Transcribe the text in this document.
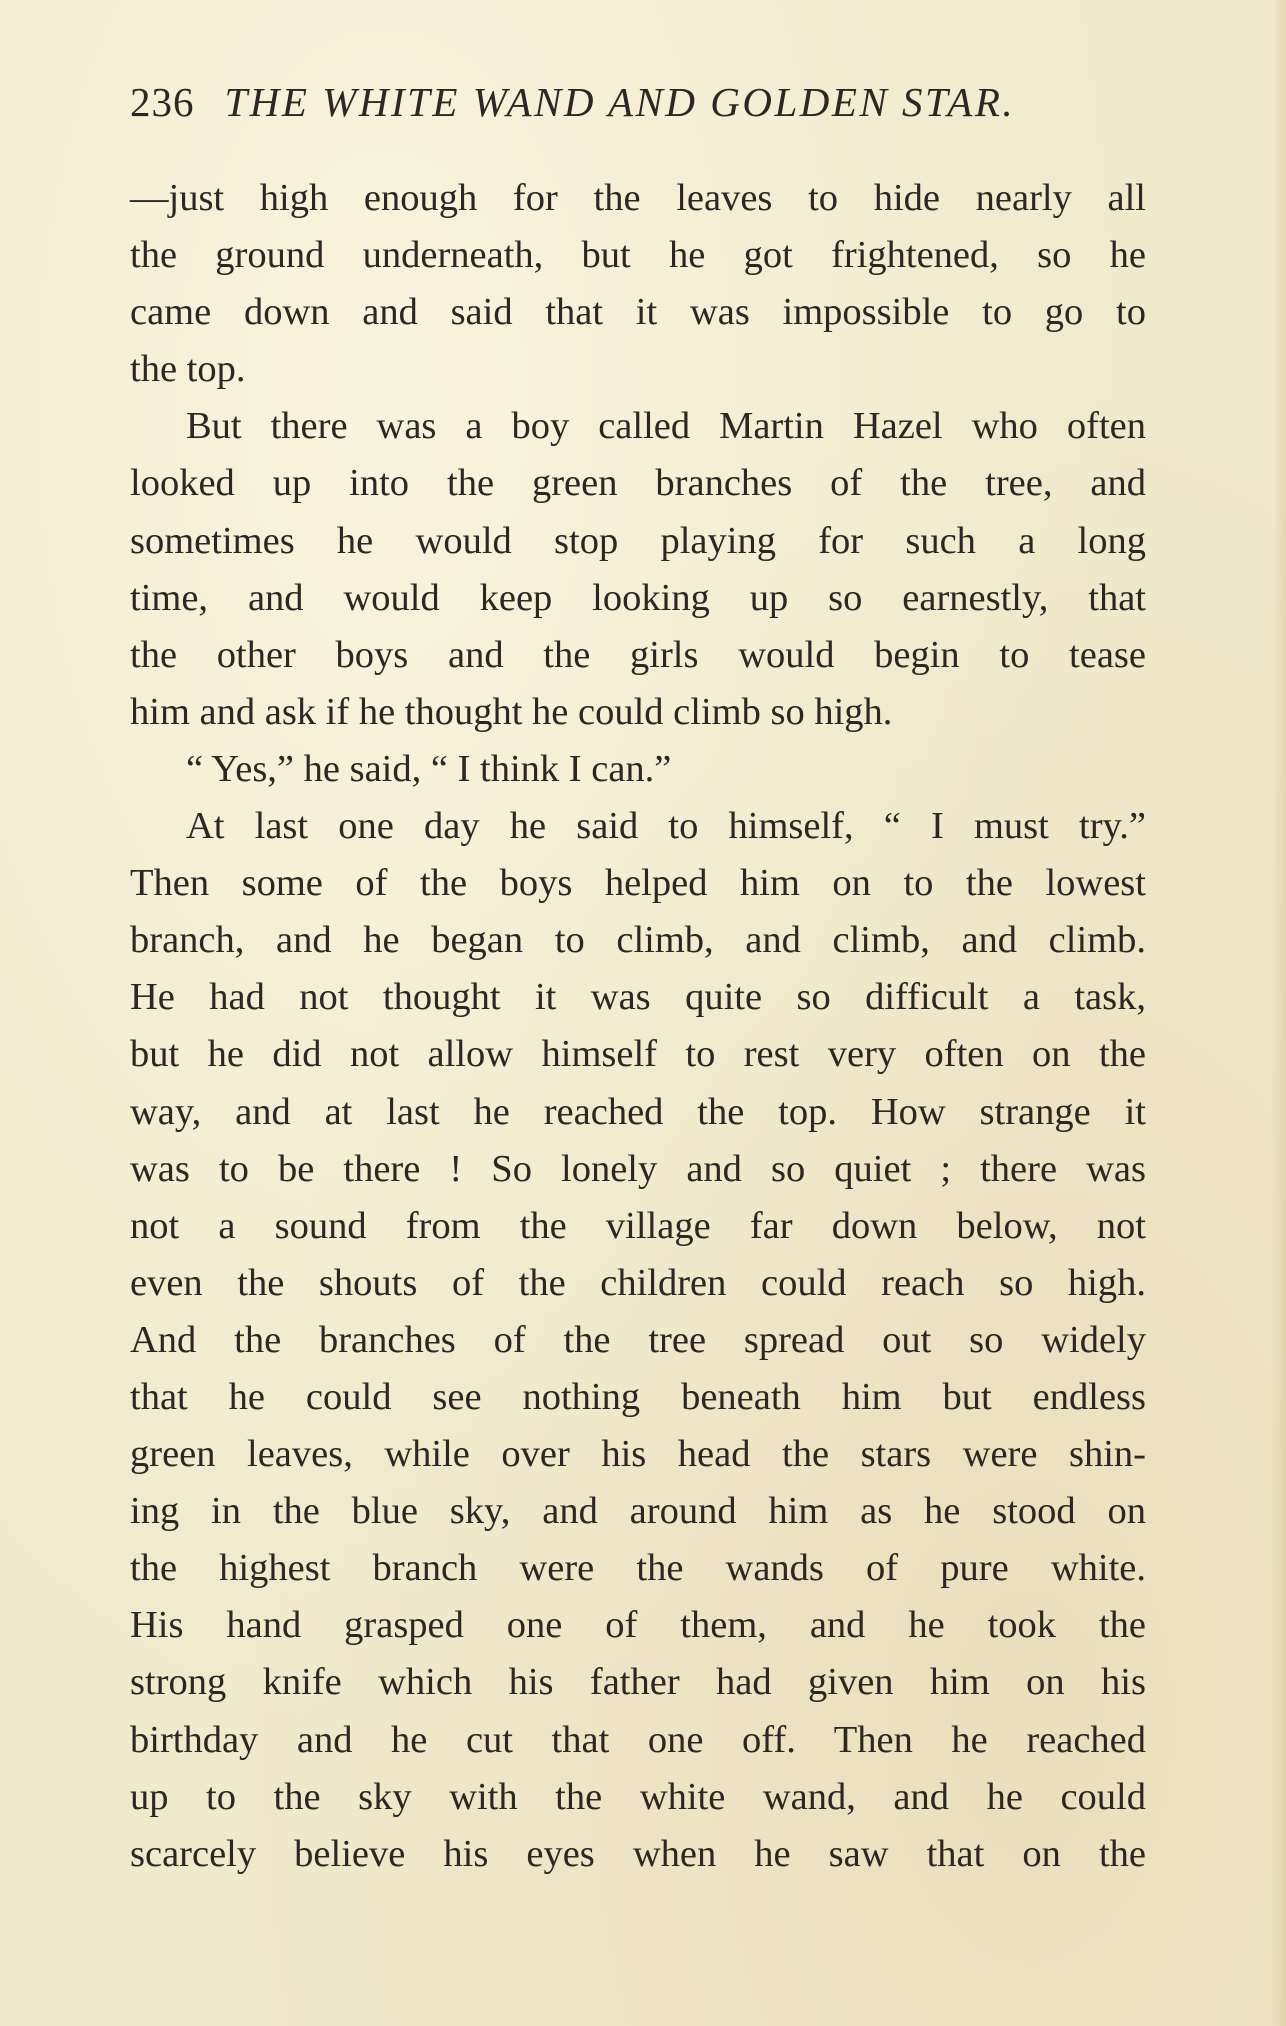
236 THE WHITE WAND AND GOLDEN STAR.
—just high enough for the leaves to hide nearly all
the ground underneath, but he got frightened, so he
came down and said that it was impossible to go to
the top.
But there was a boy called Martin Hazel who often
looked up into the green branches of the tree, and
sometimes he would stop playing for such a long
time, and would keep looking up so earnestly, that
the other boys and the girls would begin to tease
him and ask if he thought he could climb so high.
“ Yes,” he said, “ I think I can.”
At last one day he said to himself, “ I must try.”
Then some of the boys helped him on to the lowest
branch, and he began to climb, and climb, and climb.
He had not thought it was quite so difficult a task,
but he did not allow himself to rest very often on the
way, and at last he reached the top. How strange it
was to be there ! So lonely and so quiet ; there was
not a sound from the village far down below, not
even the shouts of the children could reach so high.
And the branches of the tree spread out so widely
that he could see nothing beneath him but endless
green leaves, while over his head the stars were shin-
ing in the blue sky, and around him as he stood on
the highest branch were the wands of pure white.
His hand grasped one of them, and he took the
strong knife which his father had given him on his
birthday and he cut that one off. Then he reached
up to the sky with the white wand, and he could
scarcely believe his eyes when he saw that on the
